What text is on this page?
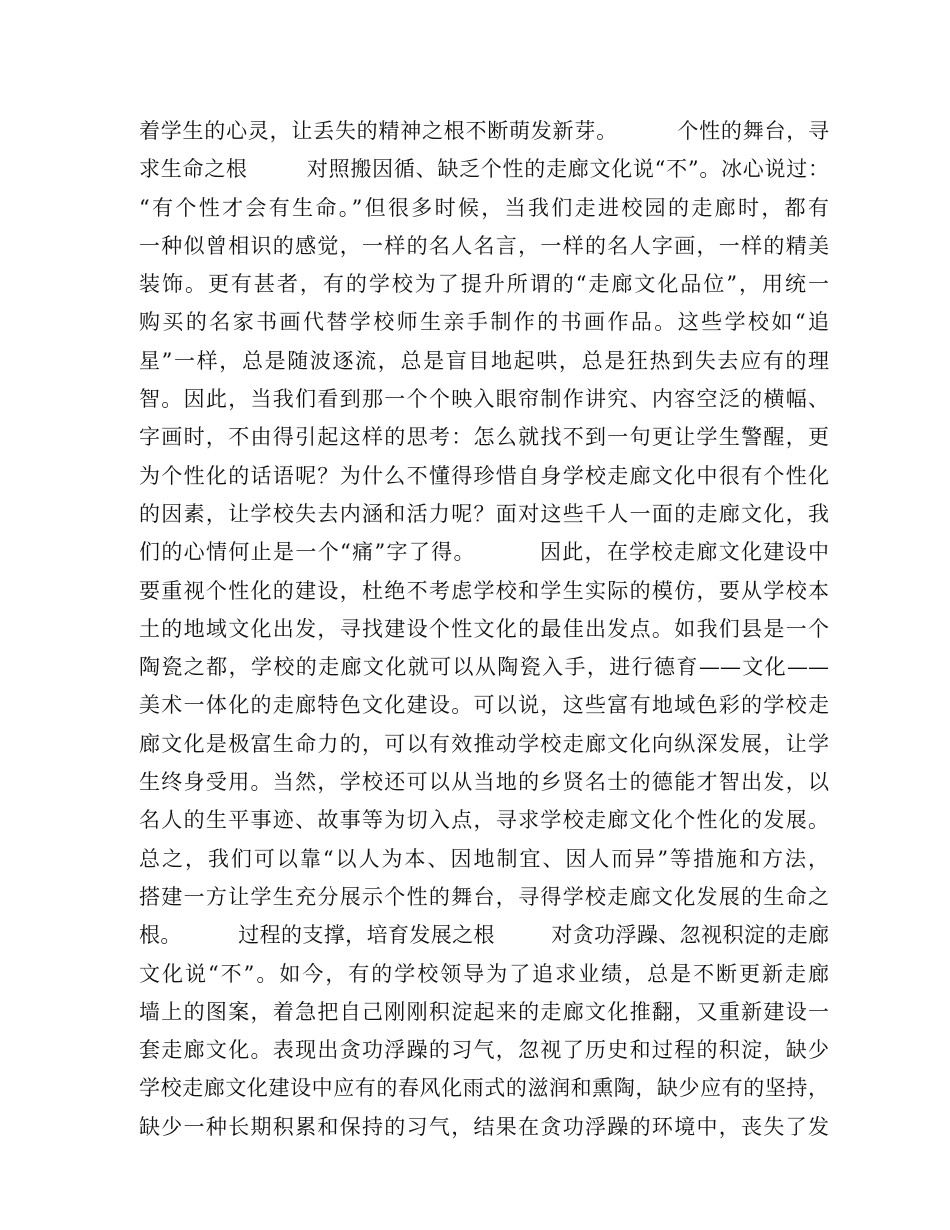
着学生的心灵，让丢失的精神之根不断萌发新芽。        个性的舞台，寻
求生命之根        对照搬因循、缺乏个性的走廊文化说“不”。冰心说过：
“有个性才会有生命。”但很多时候，当我们走进校园的走廊时，都有
一种似曾相识的感觉，一样的名人名言，一样的名人字画，一样的精美
装饰。更有甚者，有的学校为了提升所谓的“走廊文化品位”，用统一
购买的名家书画代替学校师生亲手制作的书画作品。这些学校如“追
星”一样，总是随波逐流，总是盲目地起哄，总是狂热到失去应有的理
智。因此，当我们看到那一个个映入眼帘制作讲究、内容空泛的横幅、
字画时，不由得引起这样的思考：怎么就找不到一句更让学生警醒，更
为个性化的话语呢？为什么不懂得珍惜自身学校走廊文化中很有个性化
的因素，让学校失去内涵和活力呢？面对这些千人一面的走廊文化，我
们的心情何止是一个“痛”字了得。        因此，在学校走廊文化建设中
要重视个性化的建设，杜绝不考虑学校和学生实际的模仿，要从学校本
土的地域文化出发，寻找建设个性文化的最佳出发点。如我们县是一个
陶瓷之都，学校的走廊文化就可以从陶瓷入手，进行德育——文化——
美术一体化的走廊特色文化建设。可以说，这些富有地域色彩的学校走
廊文化是极富生命力的，可以有效推动学校走廊文化向纵深发展，让学
生终身受用。当然，学校还可以从当地的乡贤名士的德能才智出发，以
名人的生平事迹、故事等为切入点，寻求学校走廊文化个性化的发展。
总之，我们可以靠“以人为本、因地制宜、因人而异”等措施和方法，
搭建一方让学生充分展示个性的舞台，寻得学校走廊文化发展的生命之
根。        过程的支撑，培育发展之根        对贪功浮躁、忽视积淀的走廊
文化说“不”。如今，有的学校领导为了追求业绩，总是不断更新走廊
墙上的图案，着急把自己刚刚积淀起来的走廊文化推翻，又重新建设一
套走廊文化。表现出贪功浮躁的习气，忽视了历史和过程的积淀，缺少
学校走廊文化建设中应有的春风化雨式的滋润和熏陶，缺少应有的坚持，
缺少一种长期积累和保持的习气，结果在贪功浮躁的环境中，丧失了发
